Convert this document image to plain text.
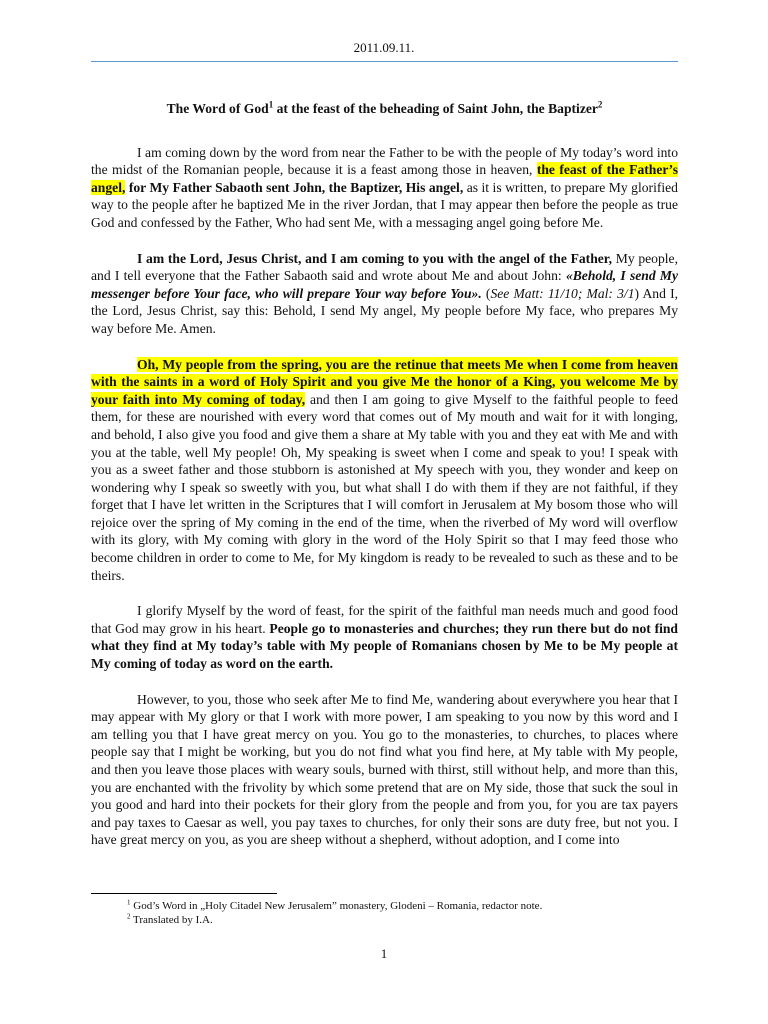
2011.09.11.
The Word of God$^1$ at the feast of the beheading of Saint John, the Baptizer$^2$

I am coming down by the word from near the Father to be with the people of My today’s word into the midst of the Romanian people, because it is a feast among those in heaven, the feast of the Father’s angel, for My Father Sabaoth sent John, the Baptizer, His angel, as it is written, to prepare My glorified way to the people after he baptized Me in the river Jordan, that I may appear then before the people as true God and confessed by the Father, Who had sent Me, with a messaging angel going before Me.

I am the Lord, Jesus Christ, and I am coming to you with the angel of the Father, My people, and I tell everyone that the Father Sabaoth said and wrote about Me and about John: «Behold, I send My messenger before Your face, who will prepare Your way before You». (See Matt: 11/10; Mal: 3/1) And I, the Lord, Jesus Christ, say this: Behold, I send My angel, My people before My face, who prepares My way before Me. Amen.

Oh, My people from the spring, you are the retinue that meets Me when I come from heaven with the saints in a word of Holy Spirit and you give Me the honor of a King, you welcome Me by your faith into My coming of today, and then I am going to give Myself to the faithful people to feed them, for these are nourished with every word that comes out of My mouth and wait for it with longing, and behold, I also give you food and give them a share at My table with you and they eat with Me and with you at the table, well My people! Oh, My speaking is sweet when I come and speak to you! I speak with you as a sweet father and those stubborn is astonished at My speech with you, they wonder and keep on wondering why I speak so sweetly with you, but what shall I do with them if they are not faithful, if they forget that I have let written in the Scriptures that I will comfort in Jerusalem at My bosom those who will rejoice over the spring of My coming in the end of the time, when the riverbed of My word will overflow with its glory, with My coming with glory in the word of the Holy Spirit so that I may feed those who become children in order to come to Me, for My kingdom is ready to be revealed to such as these and to be theirs.

I glorify Myself by the word of feast, for the spirit of the faithful man needs much and good food that God may grow in his heart. People go to monasteries and churches; they run there but do not find what they find at My today’s table with My people of Romanians chosen by Me to be My people at My coming of today as word on the earth.

However, to you, those who seek after Me to find Me, wandering about everywhere you hear that I may appear with My glory or that I work with more power, I am speaking to you now by this word and I am telling you that I have great mercy on you. You go to the monasteries, to churches, to places where people say that I might be working, but you do not find what you find here, at My table with My people, and then you leave those places with weary souls, burned with thirst, still without help, and more than this, you are enchanted with the frivolity by which some pretend that are on My side, those that suck the soul in you good and hard into their pockets for their glory from the people and from you, for you are tax payers and pay taxes to Caesar as well, you pay taxes to churches, for only their sons are duty free, but not you. I have great mercy on you, as you are sheep without a shepherd, without adoption, and I come into

$^1$ God’s Word in „Holy Citadel New Jerusalem” monastery, Glodeni – Romania, redactor note.
$^2$ Translated by I.A.
1
